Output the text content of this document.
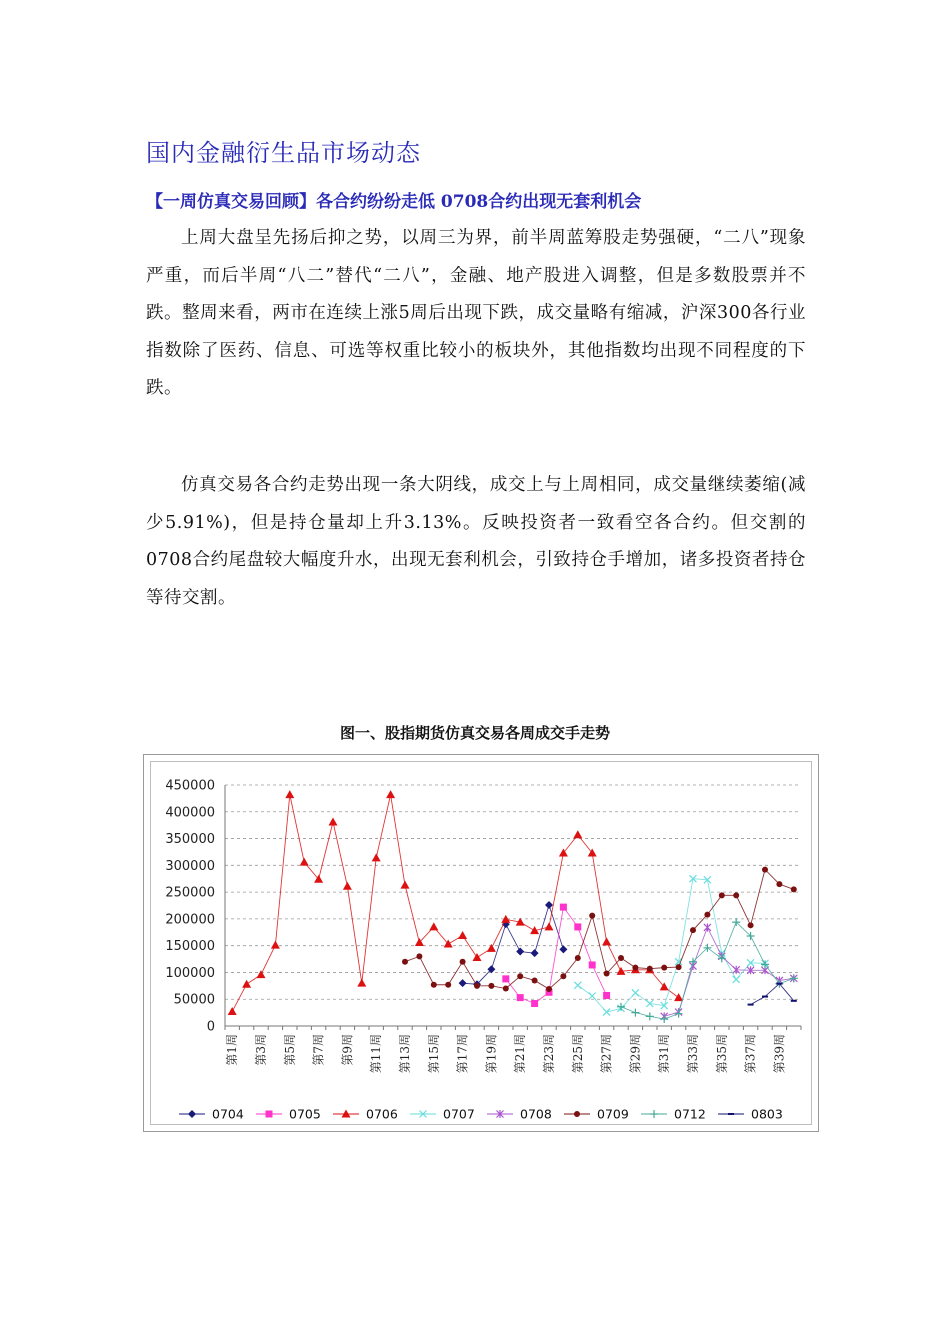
国内金融衍生品市场动态
【一周仿真交易回顾】各合约纷纷走低 0708合约出现无套利机会

上周大盘呈先扬后抑之势，以周三为界，前半周蓝筹股走势强硬，“二八”现象严重，而后半周“八二”替代“二八”，金融、地产股进入调整，但是多数股票并不跌。整周来看，两市在连续上涨5周后出现下跌，成交量略有缩减，沪深300各行业指数除了医药、信息、可选等权重比较小的板块外，其他指数均出现不同程度的下跌。

仿真交易各合约走势出现一条大阴线，成交上与上周相同，成交量继续萎缩(减少5.91%)，但是持仓量却上升3.13%。反映投资者一致看空各合约。但交割的0708合约尾盘较大幅度升水，出现无套利机会，引致持仓手增加，诸多投资者持仓等待交割。

图一、股指期货仿真交易各周成交手走势

0
50000
100000
150000
200000
250000
300000
350000
400000
450000
第1周 第3周 第5周 第7周 第9周 第11周 第13周 第15周 第17周 第19周 第21周 第23周 第25周 第27周 第29周 第31周 第33周 第35周 第37周 第39周
0704	0705	0706	0707	0708	0709	0712	0803
